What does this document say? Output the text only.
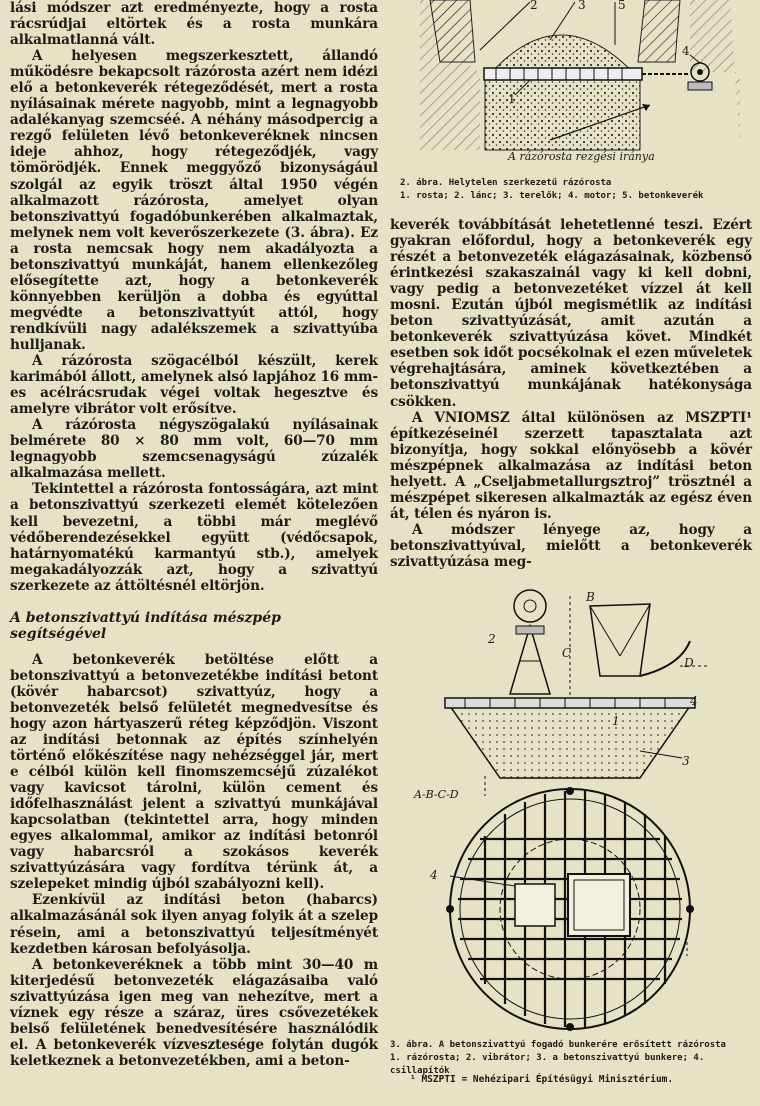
lási módszer azt eredményezte, hogy a rosta rácsrúdjai eltörtek és a rosta munkára alkalmatlanná vált.

A helyesen megszerkesztett, állandó működésre bekapcsolt rázórosta azért nem idézi elő a betonkeverék rétegeződését, mert a rosta nyílásainak mérete nagyobb, mint a legnagyobb adalékanyag szemcséé. A néhány másodpercig a rezgő felületen lévő betonkeveréknek nincsen ideje ahhoz, hogy rétegeződjék, vagy tömörödjék. Ennek meggyőző bizonyságául szolgál az egyik tröszt által 1950 végén alkalmazott rázórosta, amelyet olyan betonszivattyú fogadóbunkerében alkalmaztak, melynek nem volt keverőszerkezete (3. ábra). Ez a rosta nemcsak hogy nem akadályozta a betonszivattyú munkáját, hanem ellenkezőleg elősegítette azt, hogy a betonkeverék könnyebben kerüljön a dobba és egyúttal megvédte a betonszivattyút attól, hogy rendkívüli nagy adalékszemek a szivattyúba hulljanak.

A rázórosta szögacélból készült, kerek karimából állott, amelynek alsó lapjához 16 mm-es acélrácsrudak végei voltak hegesztve és amelyre vibrátor volt erősítve.

A rázórosta négyszögalakú nyílásainak belmérete 80 × 80 mm volt, 60—70 mm legnagyobb szemcsenagyságú zúzalék alkalmazása mellett.

Tekintettel a rázórosta fontosságára, azt mint a betonszivattyú szerkezeti elemét kötelezően kell bevezetni, a többi már meglévő védőberendezésekkel együtt (védőcsapok, határnyomatékú karmantyú stb.), amelyek megakadályozzák azt, hogy a szivattyú szerkezete az áttöltésnél eltörjön.

A betonszivattyú indítása mészpép segítségével

A betonkeverék betöltése előtt a betonszivattyú a betonvezetékbe indítási betont (kövér habarcsot) szivattyúz, hogy a betonvezeték belső felületét megnedvesítse és hogy azon hártyaszerű réteg képződjön. Viszont az indítási betonnak az építés színhelyén történő előkészítése nagy nehézséggel jár, mert e célból külön kell finomszemcséjű zúzalékot vagy kavicsot tárolni, külön cement és időfelhasználást jelent a szivattyú munkájával kapcsolatban (tekintettel arra, hogy minden egyes alkalommal, amikor az indítási betonról vagy habarcsról a szokásos keverék szivattyúzására vagy fordítva térünk át, a szelepeket mindig újból szabályozni kell).

Ezenkívül az indítási beton (habarcs) alkalmazásánál sok ilyen anyag folyik át a szelep résein, ami a betonszivattyú teljesítményét kezdetben károsan befolyásolja.

A betonkeveréknek a több mint 30—40 m kiterjedésű betonvezeték elágazásaiba való szivattyúzása igen meg van nehezítve, mert a víznek egy része a száraz, üres csővezetékek belső felületének benedvesítésére használódik el. A betonkeverék vízvesztesége folytán dugók keletkeznek a betonvezetékben, ami a beton-

2	3	5
1
4
A rázórosta rezgési iránya
2. ábra. Helytelen szerkezetű rázórosta
1. rosta; 2. lánc; 3. terelők; 4. motor; 5. betonkeverék

keverék továbbítását lehetetlenné teszi. Ezért gyakran előfordul, hogy a betonkeverék egy részét a betonvezeték elágazásainak, közbenső érintkezési szakaszainál vagy ki kell dobni, vagy pedig a betonvezetéket vízzel át kell mosni. Ezután újból megismétlik az indítási beton szivattyúzását, amit azután a betonkeverék szivattyúzása követ. Mindkét esetben sok időt pocsékolnak el ezen műveletek végrehajtására, aminek következtében a betonszivattyú munkájának hatékonysága csökken.

A VNIOMSZ által különösen az MSZPTI¹ építkezéseinél szerzett tapasztalata azt bizonyítja, hogy sokkal előnyösebb a kövér mészpépnek alkalmazása az indítási beton helyett. A „Cseljabmetallurgsztroj” trösztnél a mészpépet sikeresen alkalmazták az egész éven át, télen és nyáron is.

A módszer lényege az, hogy a betonszivattyúval, mielőtt a betonkeverék szivattyúzása meg-

B
2
C
D
1
4
3
4
A-B-C-D
3. ábra. A betonszivattyú fogadó bunkerére erősített rázórosta
1. rázórosta; 2. vibrátor; 3. a betonszivattyú bunkere; 4. csillapítók
¹ MSZPTI = Nehézipari Építésügyi Minisztérium.
